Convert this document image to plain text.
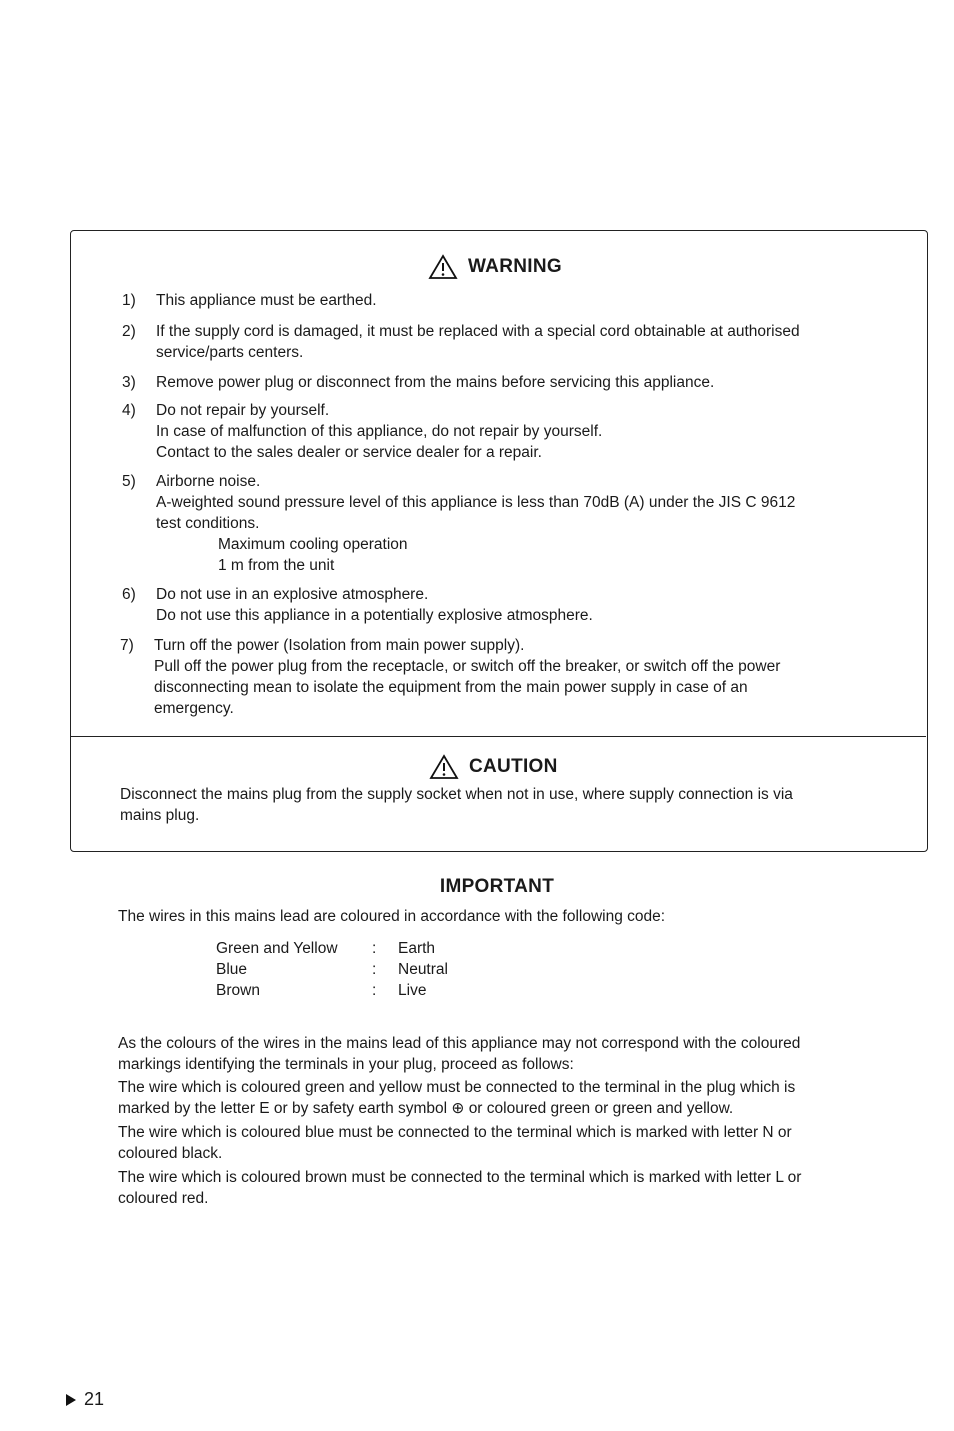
WARNING
1) This appliance must be earthed.
2) If the supply cord is damaged, it must be replaced with a special cord obtainable at authorised
service/parts centers.
3) Remove power plug or disconnect from the mains before servicing this appliance.
4) Do not repair by yourself.
In case of malfunction of this appliance, do not repair by yourself.
Contact to the sales dealer or service dealer for a repair.
5) Airborne noise.
A-weighted sound pressure level of this appliance is less than 70dB (A) under the JIS C 9612
test conditions.
Maximum cooling operation
1 m from the unit
6) Do not use in an explosive atmosphere.
Do not use this appliance in a potentially explosive atmosphere.
7) Turn off the power (Isolation from main power supply).
Pull off the power plug from the receptacle, or switch off the breaker, or switch off the power
disconnecting mean to isolate the equipment from the main power supply in case of an
emergency.
CAUTION
Disconnect the mains plug from the supply socket when not in use, where supply connection is via
mains plug.
IMPORTANT
The wires in this mains lead are coloured in accordance with the following code:
Green and Yellow	:	Earth
Blue	:	Neutral
Brown	:	Live
As the colours of the wires in the mains lead of this appliance may not correspond with the coloured
markings identifying the terminals in your plug, proceed as follows:
The wire which is coloured green and yellow must be connected to the terminal in the plug which is
marked by the letter E or by safety earth symbol ⊕ or coloured green or green and yellow.
The wire which is coloured blue must be connected to the terminal which is marked with letter N or
coloured black.
The wire which is coloured brown must be connected to the terminal which is marked with letter L or
coloured red.
21
